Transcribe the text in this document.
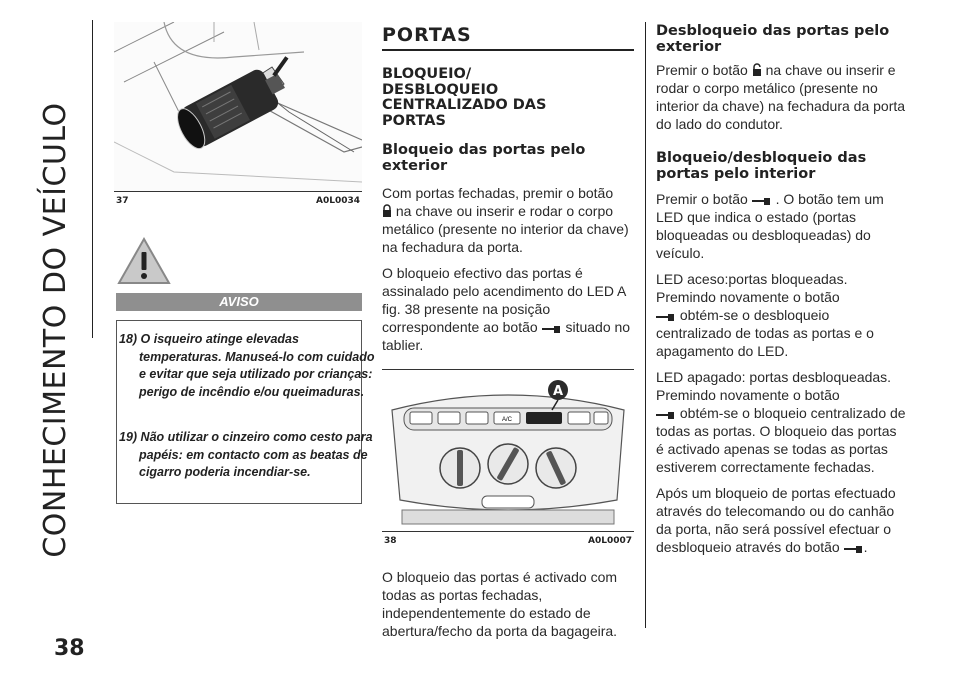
CONHECIMENTO DO VEÍCULO
38
37	A0L0034
AVISO
18) O isqueiro atinge elevadas temperaturas. Manuseá-lo com cuidado e evitar que seja utilizado por crianças: perigo de incêndio e/ou queimaduras.
19) Não utilizar o cinzeiro como cesto para papéis: em contacto com as beatas de cigarro poderia incendiar-se.
PORTAS
BLOQUEIO/ DESBLOQUEIO CENTRALIZADO DAS PORTAS
Bloqueio das portas pelo exterior

Com portas fechadas, premir o botão
na chave ou inserir e rodar o corpo metálico (presente no interior da chave) na fechadura da porta.

O bloqueio efectivo das portas é assinalado pelo acendimento do LED A fig. 38 presente na posição correspondente ao botão situado no tablier.

A/C
A
38	A0L0007

O bloqueio das portas é activado com todas as portas fechadas, independentemente do estado de abertura/fecho da porta da bagageira.

Desbloqueio das portas pelo exterior

Premir o botão na chave ou inserir e rodar o corpo metálico (presente no interior da chave) na fechadura da porta do lado do condutor.

Bloqueio/desbloqueio das portas pelo interior

Premir o botão . O botão tem um LED que indica o estado (portas bloqueadas ou desbloqueadas) do veículo.

LED aceso:portas bloqueadas. Premindo novamente o botão
obtém-se o desbloqueio centralizado de todas as portas e o apagamento do LED.

LED apagado: portas desbloqueadas. Premindo novamente o botão
obtém-se o bloqueio centralizado de todas as portas. O bloqueio das portas é activado apenas se todas as portas estiverem correctamente fechadas.

Após um bloqueio de portas efectuado através do telecomando ou do canhão da porta, não será possível efectuar o desbloqueio através do botão .
